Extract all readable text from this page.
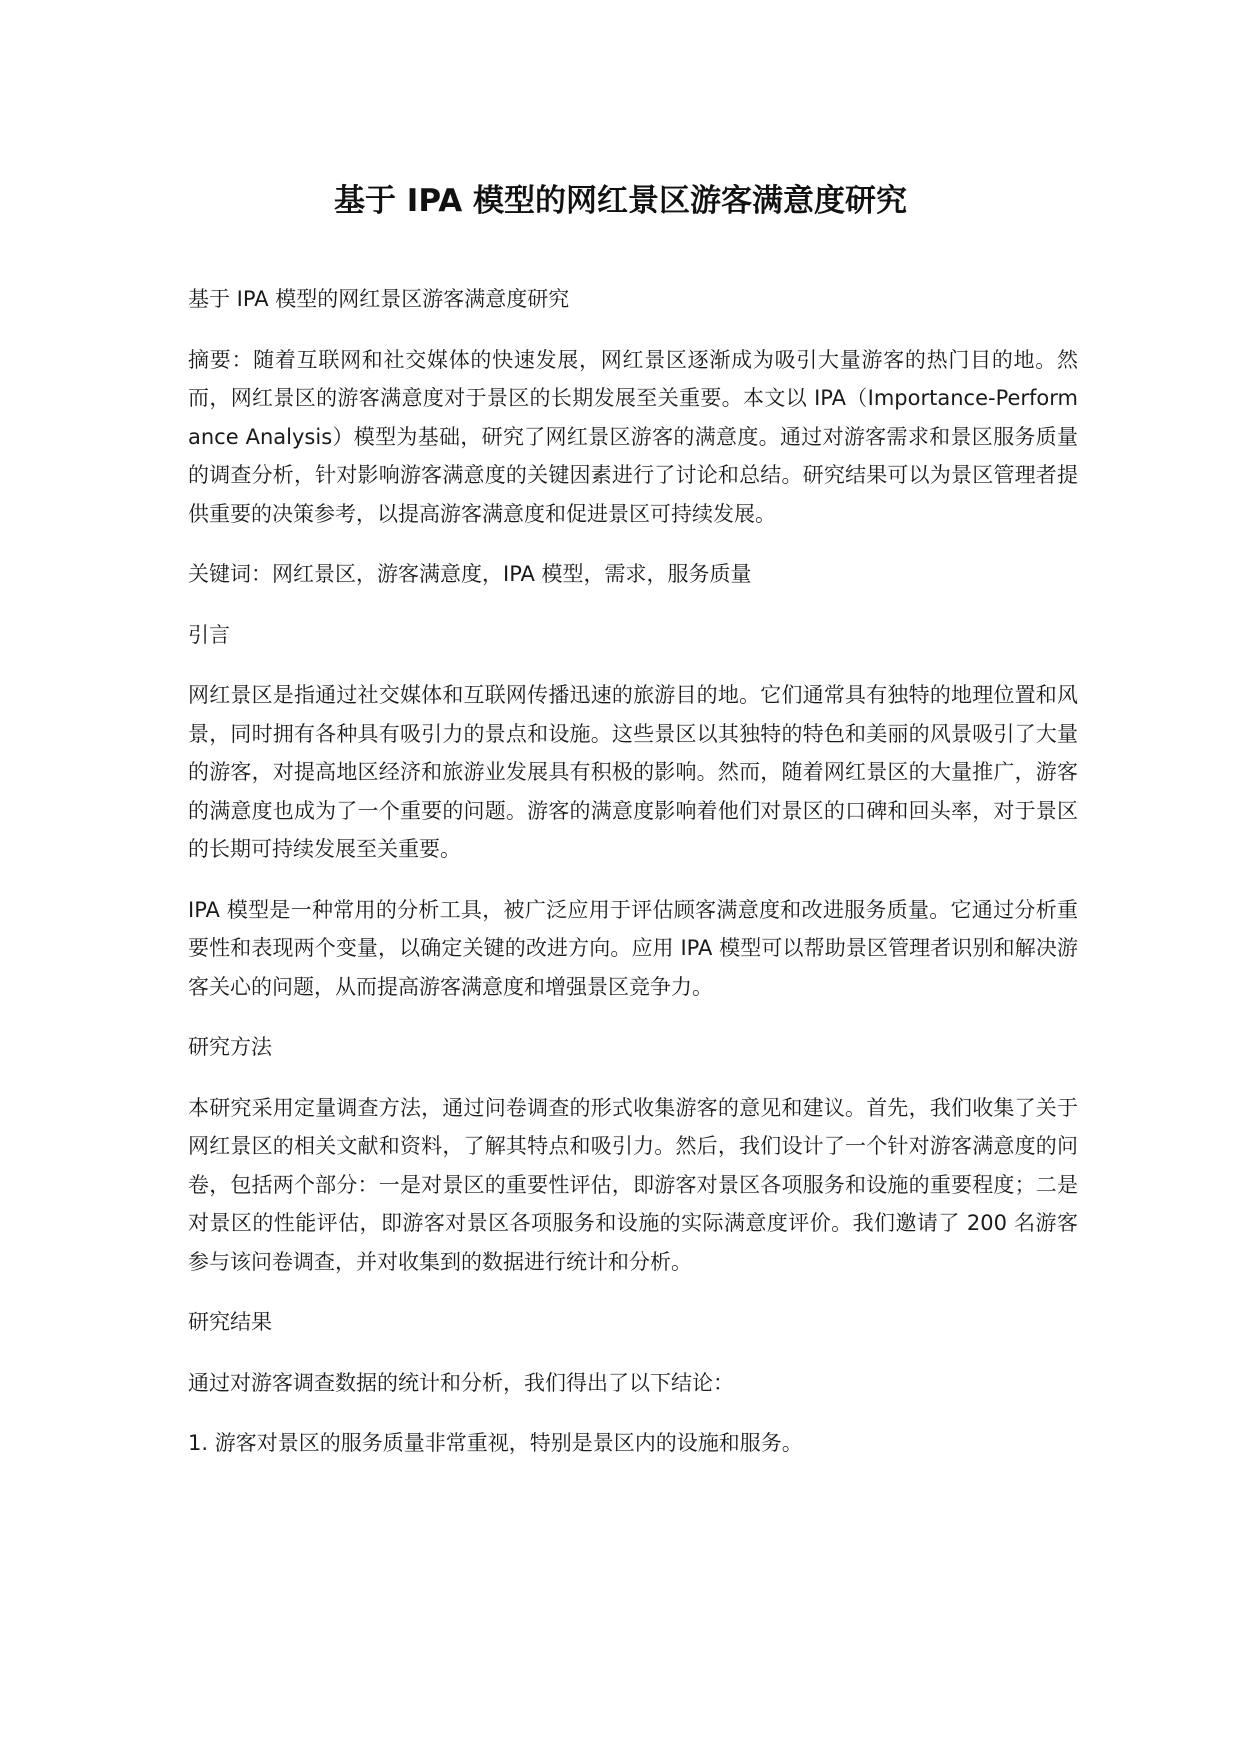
基于 IPA 模型的网红景区游客满意度研究

基于 IPA 模型的网红景区游客满意度研究

摘要：随着互联网和社交媒体的快速发展，网红景区逐渐成为吸引大量游客的热门目的地。然而，网红景区的游客满意度对于景区的长期发展至关重要。本文以 IPA（Importance-Performance Analysis）模型为基础，研究了网红景区游客的满意度。通过对游客需求和景区服务质量的调查分析，针对影响游客满意度的关键因素进行了讨论和总结。研究结果可以为景区管理者提供重要的决策参考，以提高游客满意度和促进景区可持续发展。

关键词：网红景区，游客满意度，IPA 模型，需求，服务质量

引言

网红景区是指通过社交媒体和互联网传播迅速的旅游目的地。它们通常具有独特的地理位置和风景，同时拥有各种具有吸引力的景点和设施。这些景区以其独特的特色和美丽的风景吸引了大量的游客，对提高地区经济和旅游业发展具有积极的影响。然而，随着网红景区的大量推广，游客的满意度也成为了一个重要的问题。游客的满意度影响着他们对景区的口碑和回头率，对于景区的长期可持续发展至关重要。

IPA 模型是一种常用的分析工具，被广泛应用于评估顾客满意度和改进服务质量。它通过分析重要性和表现两个变量，以确定关键的改进方向。应用 IPA 模型可以帮助景区管理者识别和解决游客关心的问题，从而提高游客满意度和增强景区竞争力。

研究方法

本研究采用定量调查方法，通过问卷调查的形式收集游客的意见和建议。首先，我们收集了关于网红景区的相关文献和资料，了解其特点和吸引力。然后，我们设计了一个针对游客满意度的问卷，包括两个部分：一是对景区的重要性评估，即游客对景区各项服务和设施的重要程度；二是对景区的性能评估，即游客对景区各项服务和设施的实际满意度评价。我们邀请了 200 名游客参与该问卷调查，并对收集到的数据进行统计和分析。

研究结果

通过对游客调查数据的统计和分析，我们得出了以下结论：

1. 游客对景区的服务质量非常重视，特别是景区内的设施和服务。
